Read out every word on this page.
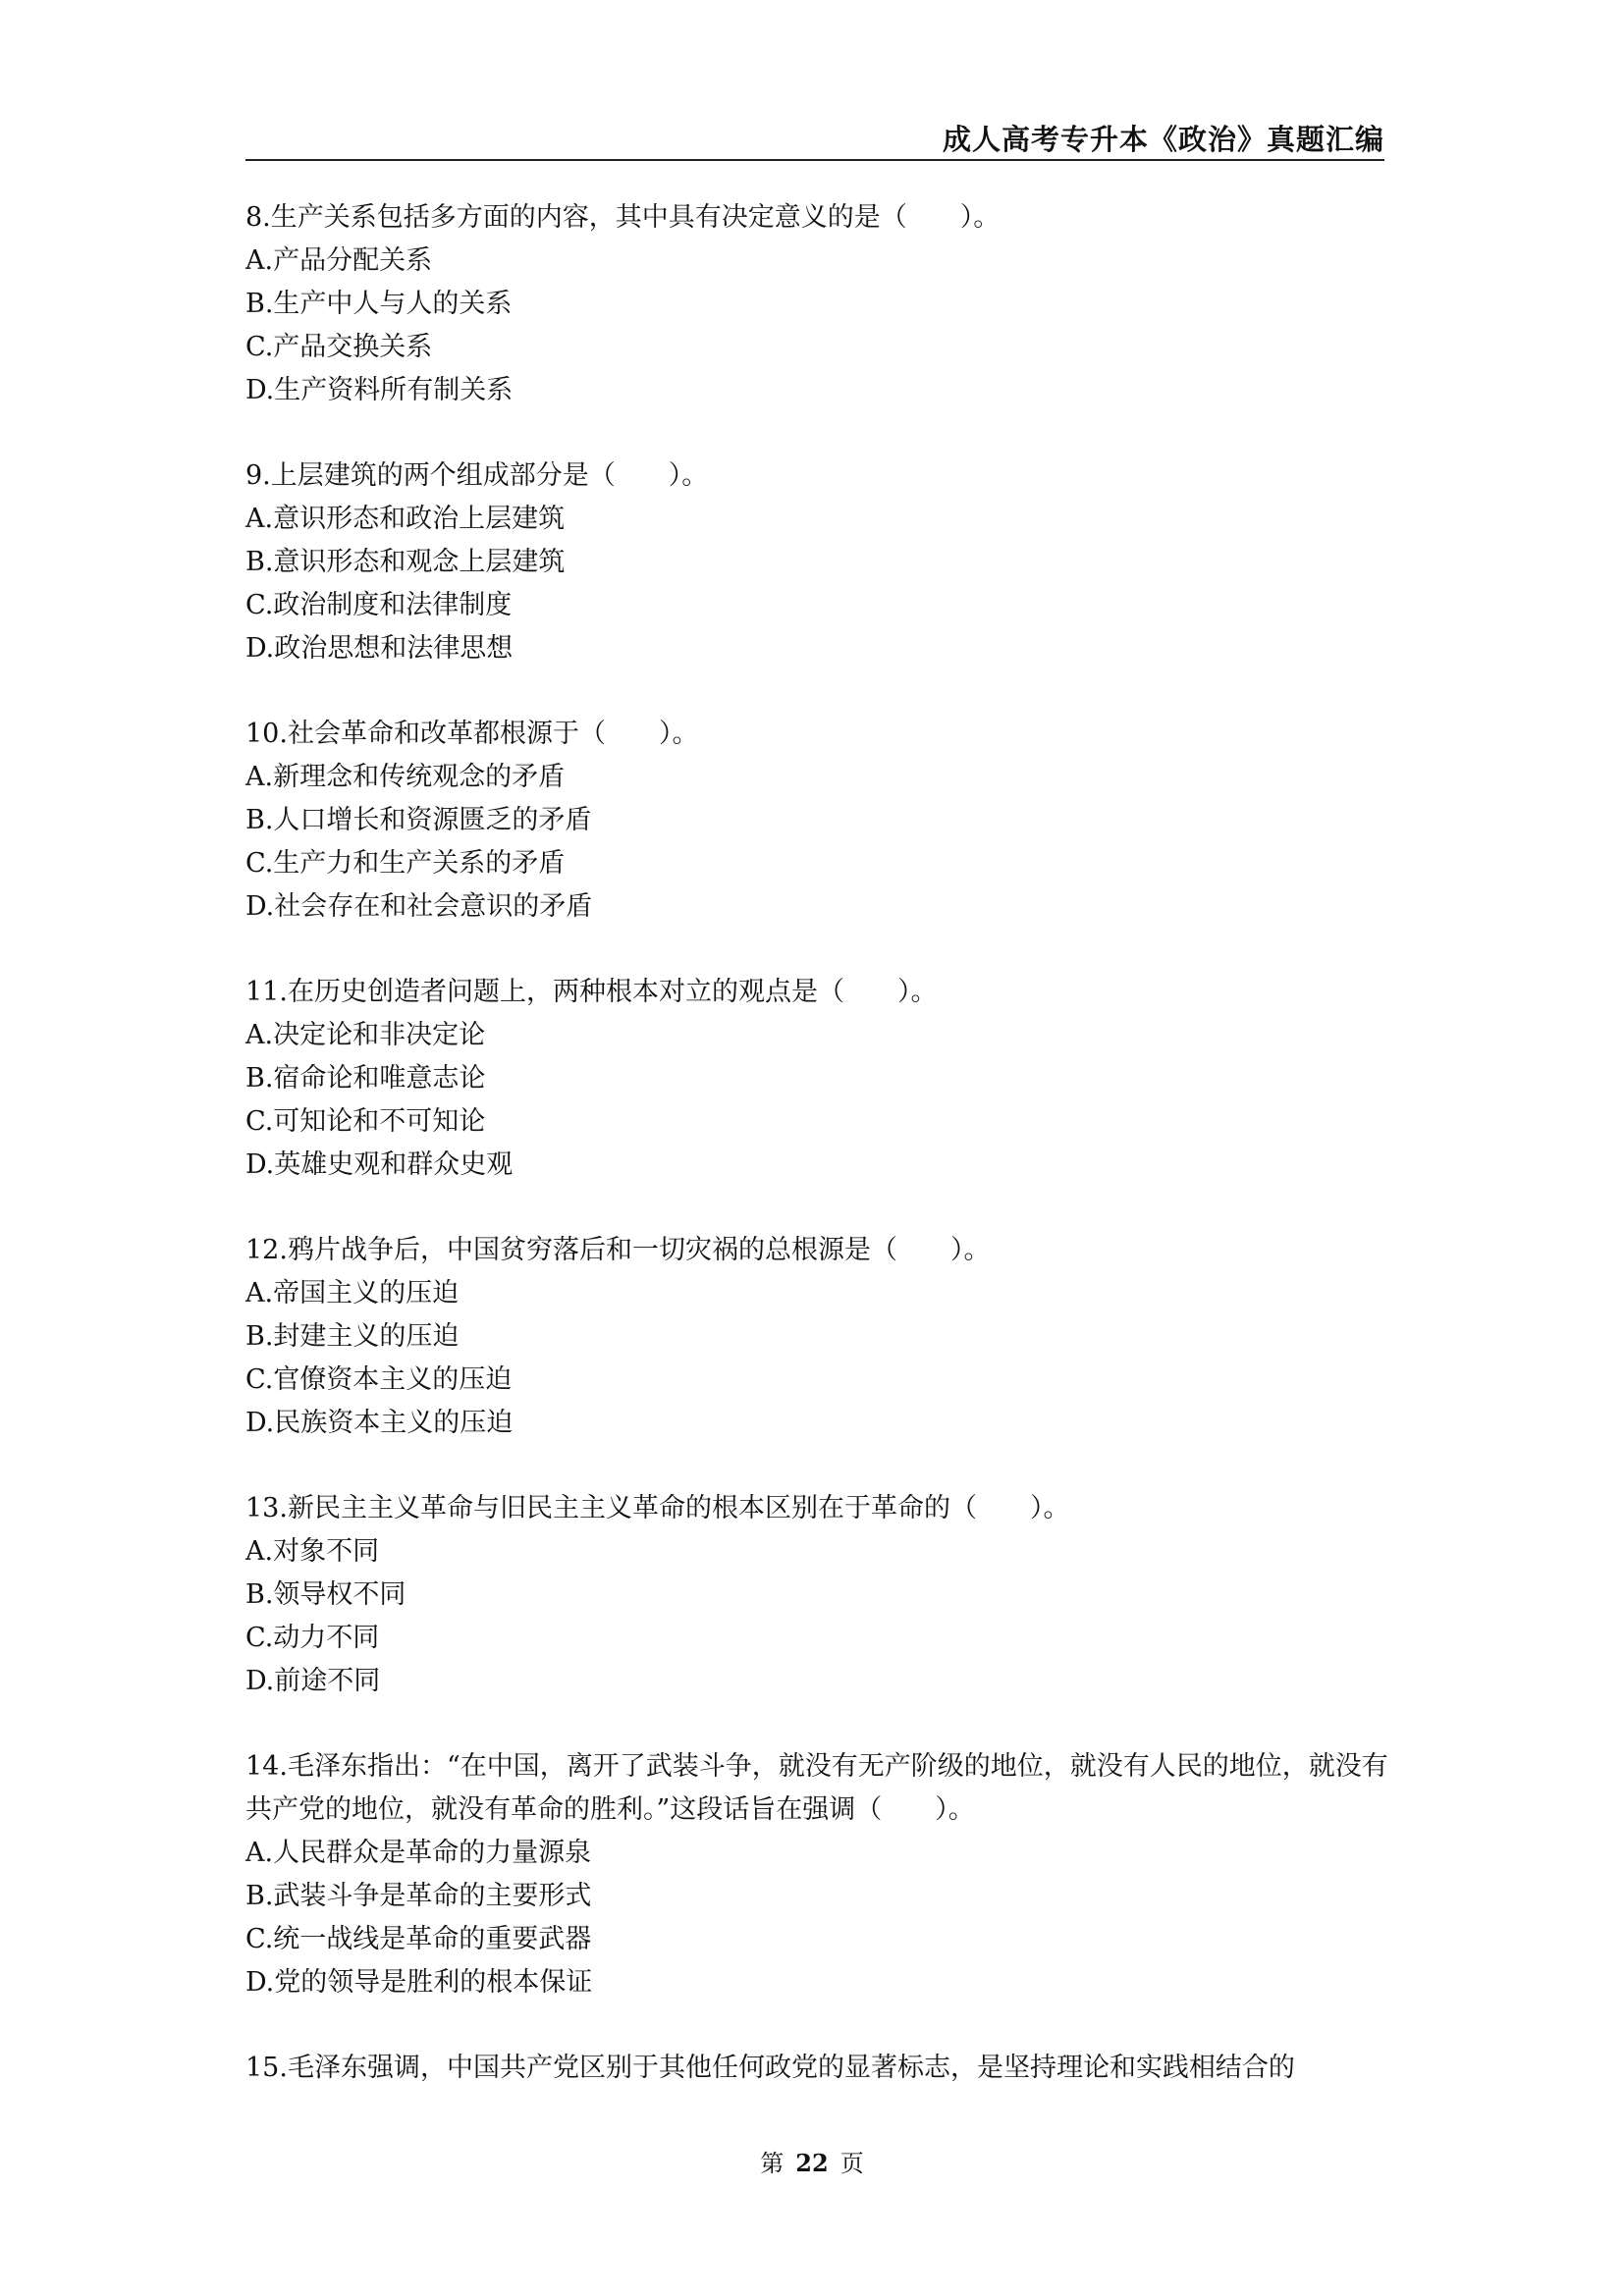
成人高考专升本《政治》真题汇编

8.生产关系包括多方面的内容，其中具有决定意义的是（　　）。

A.产品分配关系

B.生产中人与人的关系

C.产品交换关系

D.生产资料所有制关系

9.上层建筑的两个组成部分是（　　）。

A.意识形态和政治上层建筑

B.意识形态和观念上层建筑

C.政治制度和法律制度

D.政治思想和法律思想

10.社会革命和改革都根源于（　　）。

A.新理念和传统观念的矛盾

B.人口增长和资源匮乏的矛盾

C.生产力和生产关系的矛盾

D.社会存在和社会意识的矛盾

11.在历史创造者问题上，两种根本对立的观点是（　　）。

A.决定论和非决定论

B.宿命论和唯意志论

C.可知论和不可知论

D.英雄史观和群众史观

12.鸦片战争后，中国贫穷落后和一切灾祸的总根源是（　　）。

A.帝国主义的压迫

B.封建主义的压迫

C.官僚资本主义的压迫

D.民族资本主义的压迫

13.新民主主义革命与旧民主主义革命的根本区别在于革命的（　　）。

A.对象不同

B.领导权不同

C.动力不同

D.前途不同

14.毛泽东指出：“在中国，离开了武装斗争，就没有无产阶级的地位，就没有人民的地位，就没有共产党的地位，就没有革命的胜利。”这段话旨在强调（　　）。

A.人民群众是革命的力量源泉

B.武装斗争是革命的主要形式

C.统一战线是革命的重要武器

D.党的领导是胜利的根本保证

15.毛泽东强调，中国共产党区别于其他任何政党的显著标志，是坚持理论和实践相结合的

第 22 页
